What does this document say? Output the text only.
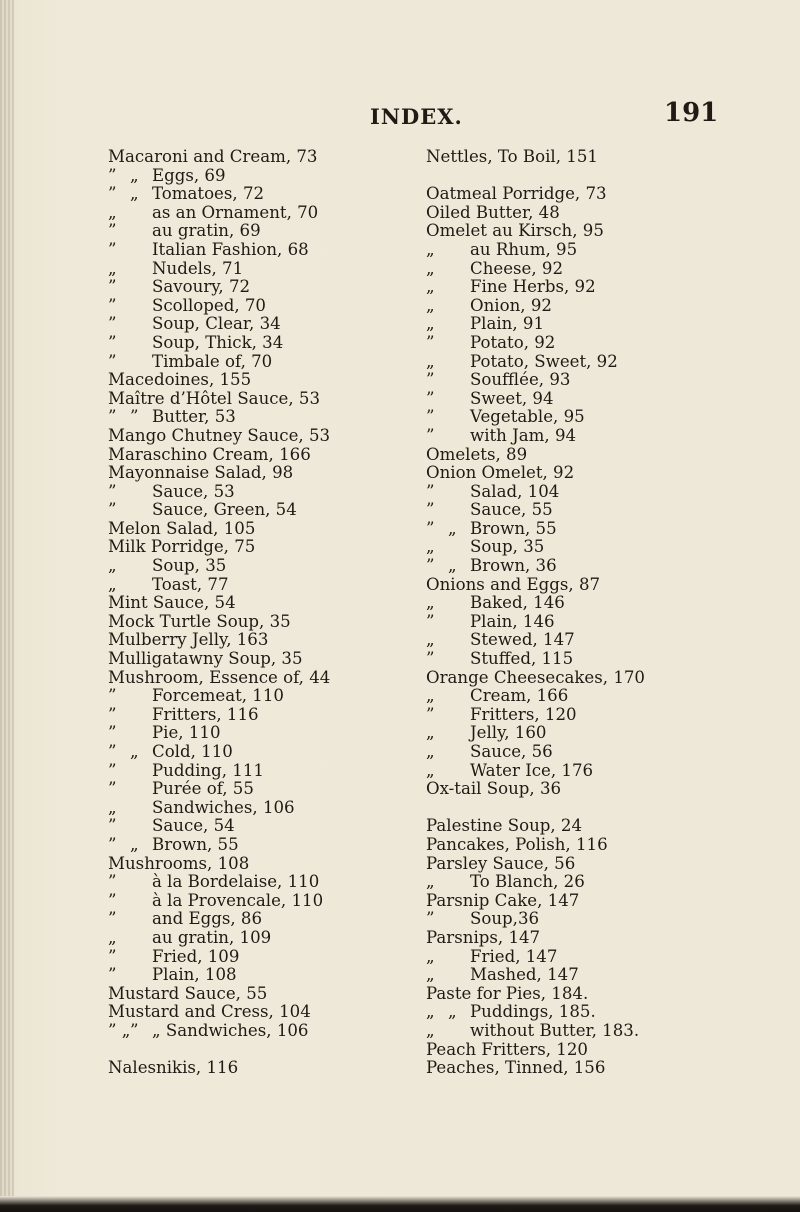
INDEX.	191
Macaroni and Cream, 73
” „ Eggs, 69
” „ Tomatoes, 72
„ as an Ornament, 70
” au gratin, 69
” Italian Fashion, 68
„ Nudels, 71
” Savoury, 72
” Scolloped, 70
” Soup, Clear, 34
” Soup, Thick, 34
” Timbale of, 70
Macedoines, 155
Maître d’Hôtel Sauce, 53
” ” Butter, 53
Mango Chutney Sauce, 53
Maraschino Cream, 166
Mayonnaise Salad, 98
” Sauce, 53
” Sauce, Green, 54
Melon Salad, 105
Milk Porridge, 75
„ Soup, 35
„ Toast, 77
Mint Sauce, 54
Mock Turtle Soup, 35
Mulberry Jelly, 163
Mulligatawny Soup, 35
Mushroom, Essence of, 44
” Forcemeat, 110
” Fritters, 116
” Pie, 110
” „ Cold, 110
” Pudding, 111
” Purée of, 55
„ Sandwiches, 106
” Sauce, 54
” „ Brown, 55
Mushrooms, 108
” à la Bordelaise, 110
” à la Provencale, 110
” and Eggs, 86
„ au gratin, 109
” Fried, 109
” Plain, 108
Mustard Sauce, 55
Mustard and Cress, 104
” „” „ Sandwiches, 106
Nalesnikis, 116
Nettles, To Boil, 151
Oatmeal Porridge, 73
Oiled Butter, 48
Omelet au Kirsch, 95
„ au Rhum, 95
„ Cheese, 92
„ Fine Herbs, 92
„ Onion, 92
„ Plain, 91
” Potato, 92
„ Potato, Sweet, 92
” Soufflée, 93
” Sweet, 94
” Vegetable, 95
” with Jam, 94
Omelets, 89
Onion Omelet, 92
” Salad, 104
” Sauce, 55
” „ Brown, 55
„ Soup, 35
” „ Brown, 36
Onions and Eggs, 87
„ Baked, 146
” Plain, 146
„ Stewed, 147
” Stuffed, 115
Orange Cheesecakes, 170
„ Cream, 166
” Fritters, 120
„ Jelly, 160
„ Sauce, 56
„ Water Ice, 176
Ox-tail Soup, 36
Palestine Soup, 24
Pancakes, Polish, 116
Parsley Sauce, 56
„ To Blanch, 26
Parsnip Cake, 147
” Soup,36
Parsnips, 147
„ Fried, 147
„ Mashed, 147
Paste for Pies, 184.
„ „ Puddings, 185.
„ without Butter, 183.
Peach Fritters, 120
Peaches, Tinned, 156
